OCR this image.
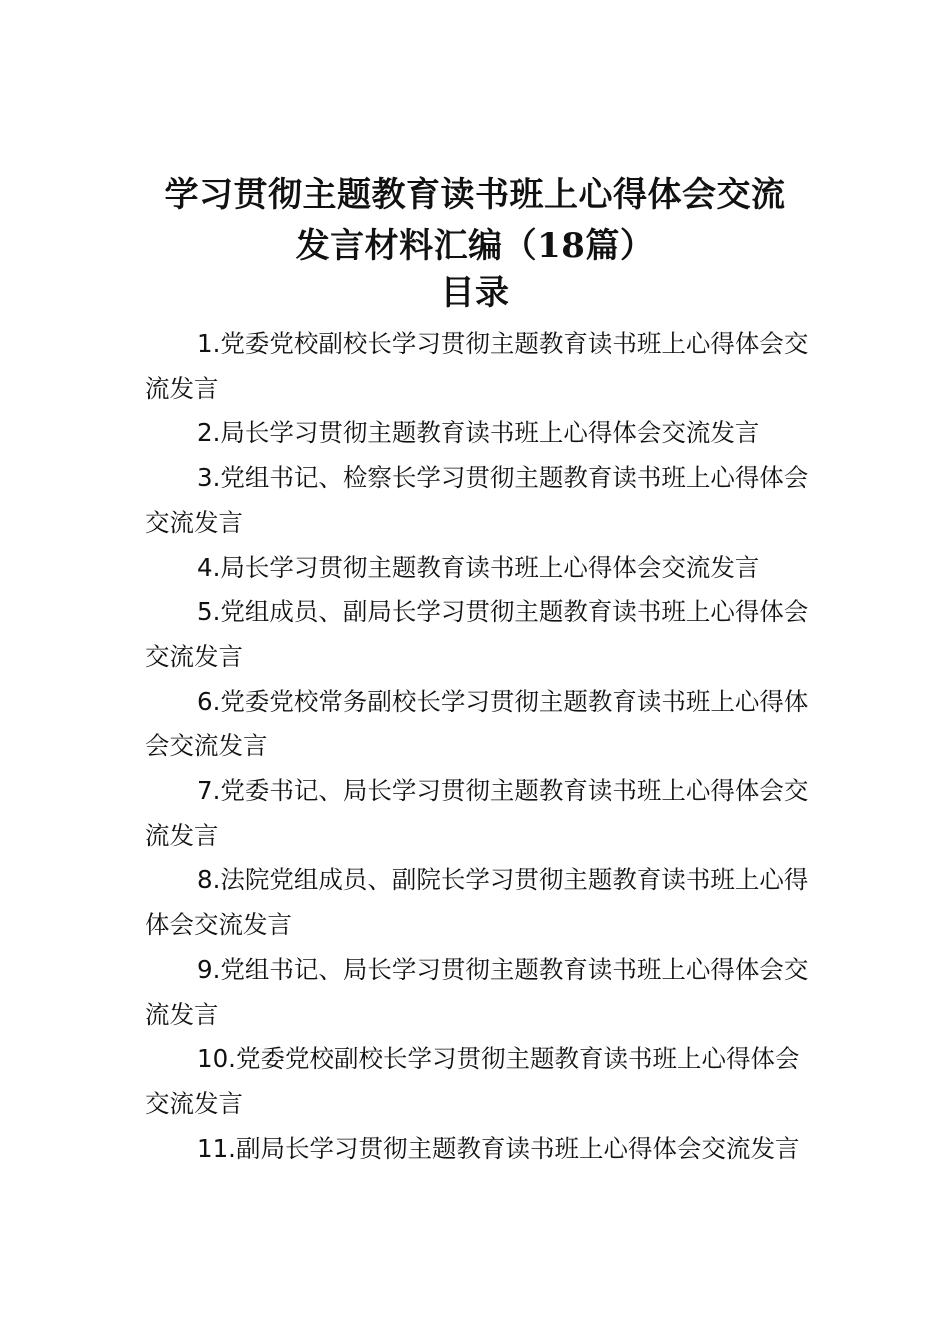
学习贯彻主题教育读书班上心得体会交流
发言材料汇编（18篇）
目录

1.党委党校副校长学习贯彻主题教育读书班上心得体会交流发言

2.局长学习贯彻主题教育读书班上心得体会交流发言

3.党组书记、检察长学习贯彻主题教育读书班上心得体会交流发言

4.局长学习贯彻主题教育读书班上心得体会交流发言

5.党组成员、副局长学习贯彻主题教育读书班上心得体会交流发言

6.党委党校常务副校长学习贯彻主题教育读书班上心得体会交流发言

7.党委书记、局长学习贯彻主题教育读书班上心得体会交流发言

8.法院党组成员、副院长学习贯彻主题教育读书班上心得体会交流发言

9.党组书记、局长学习贯彻主题教育读书班上心得体会交流发言

10.党委党校副校长学习贯彻主题教育读书班上心得体会交流发言

11.副局长学习贯彻主题教育读书班上心得体会交流发言
